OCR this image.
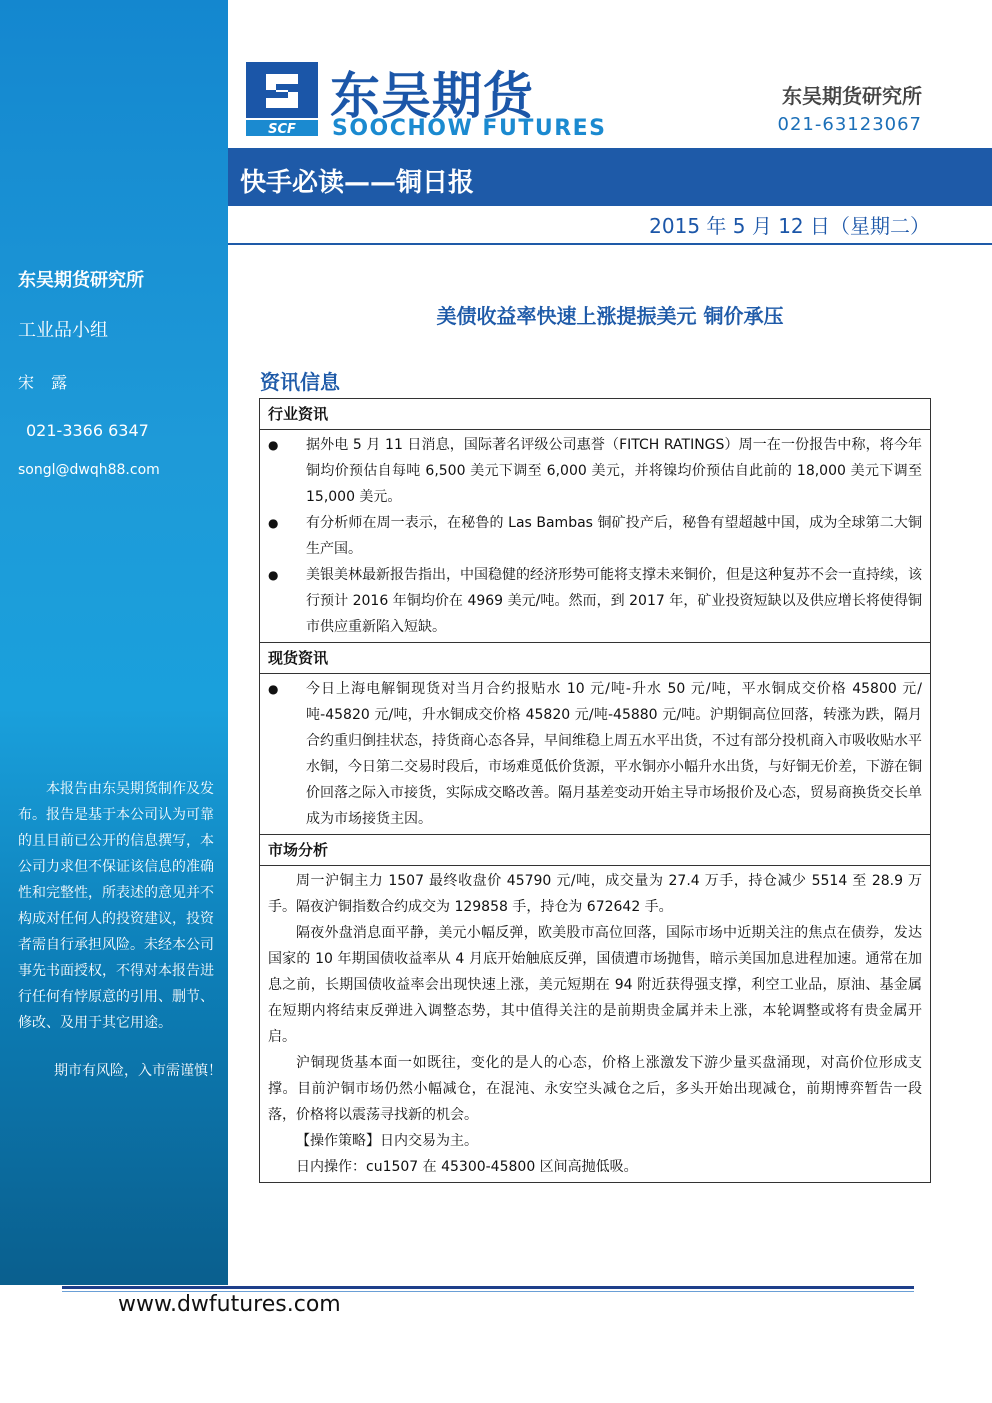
东吴期货研究所
工业品小组
宋 露
021-3366 6347
songl@dwqh88.com
本报告由东吴期货制作及发布。报告是基于本公司认为可靠的且目前已公开的信息撰写，本公司力求但不保证该信息的准确性和完整性，所表述的意见并不构成对任何人的投资建议，投资者需自行承担风险。未经本公司事先书面授权，不得对本报告进行任何有悖原意的引用、删节、修改、及用于其它用途。
期市有风险，入市需谨慎！
SCF
东吴期货
SOOCHOW FUTURES
东吴期货研究所
021-63123067
快手必读——铜日报
2015 年 5 月 12 日（星期二）
美债收益率快速上涨提振美元 铜价承压
资讯信息
行业资讯
● 据外电 5 月 11 日消息，国际著名评级公司惠誉（FITCH RATINGS）周一在一份报告中称，将今年铜均价预估自每吨 6,500 美元下调至 6,000 美元，并将镍均价预估自此前的 18,000 美元下调至 15,000 美元。
● 有分析师在周一表示，在秘鲁的 Las Bambas 铜矿投产后，秘鲁有望超越中国，成为全球第二大铜生产国。
● 美银美林最新报告指出，中国稳健的经济形势可能将支撑未来铜价，但是这种复苏不会一直持续，该行预计 2016 年铜均价在 4969 美元/吨。然而，到 2017 年，矿业投资短缺以及供应增长将使得铜市供应重新陷入短缺。
现货资讯
● 今日上海电解铜现货对当月合约报贴水 10 元/吨-升水 50 元/吨，平水铜成交价格 45800 元/吨-45820 元/吨，升水铜成交价格 45820 元/吨-45880 元/吨。沪期铜高位回落，转涨为跌，隔月合约重归倒挂状态，持货商心态各异，早间维稳上周五水平出货，不过有部分投机商入市吸收贴水平水铜，今日第二交易时段后，市场难觅低价货源，平水铜亦小幅升水出货，与好铜无价差，下游在铜价回落之际入市接货，实际成交略改善。隔月基差变动开始主导市场报价及心态，贸易商换货交长单成为市场接货主因。
市场分析

周一沪铜主力 1507 最终收盘价 45790 元/吨，成交量为 27.4 万手，持仓减少 5514 至 28.9 万手。隔夜沪铜指数合约成交为 129858 手，持仓为 672642 手。

隔夜外盘消息面平静，美元小幅反弹，欧美股市高位回落，国际市场中近期关注的焦点在债券，发达国家的 10 年期国债收益率从 4 月底开始触底反弹，国债遭市场抛售，暗示美国加息进程加速。通常在加息之前，长期国债收益率会出现快速上涨，美元短期在 94 附近获得强支撑，利空工业品，原油、基金属在短期内将结束反弹进入调整态势，其中值得关注的是前期贵金属并未上涨，本轮调整或将有贵金属开启。

沪铜现货基本面一如既往，变化的是人的心态，价格上涨激发下游少量买盘涌现，对高价位形成支撑。目前沪铜市场仍然小幅减仓，在混沌、永安空头减仓之后，多头开始出现减仓，前期博弈暂告一段落，价格将以震荡寻找新的机会。

【操作策略】日内交易为主。

日内操作：cu1507 在 45300-45800 区间高抛低吸。

www.dwfutures.com
